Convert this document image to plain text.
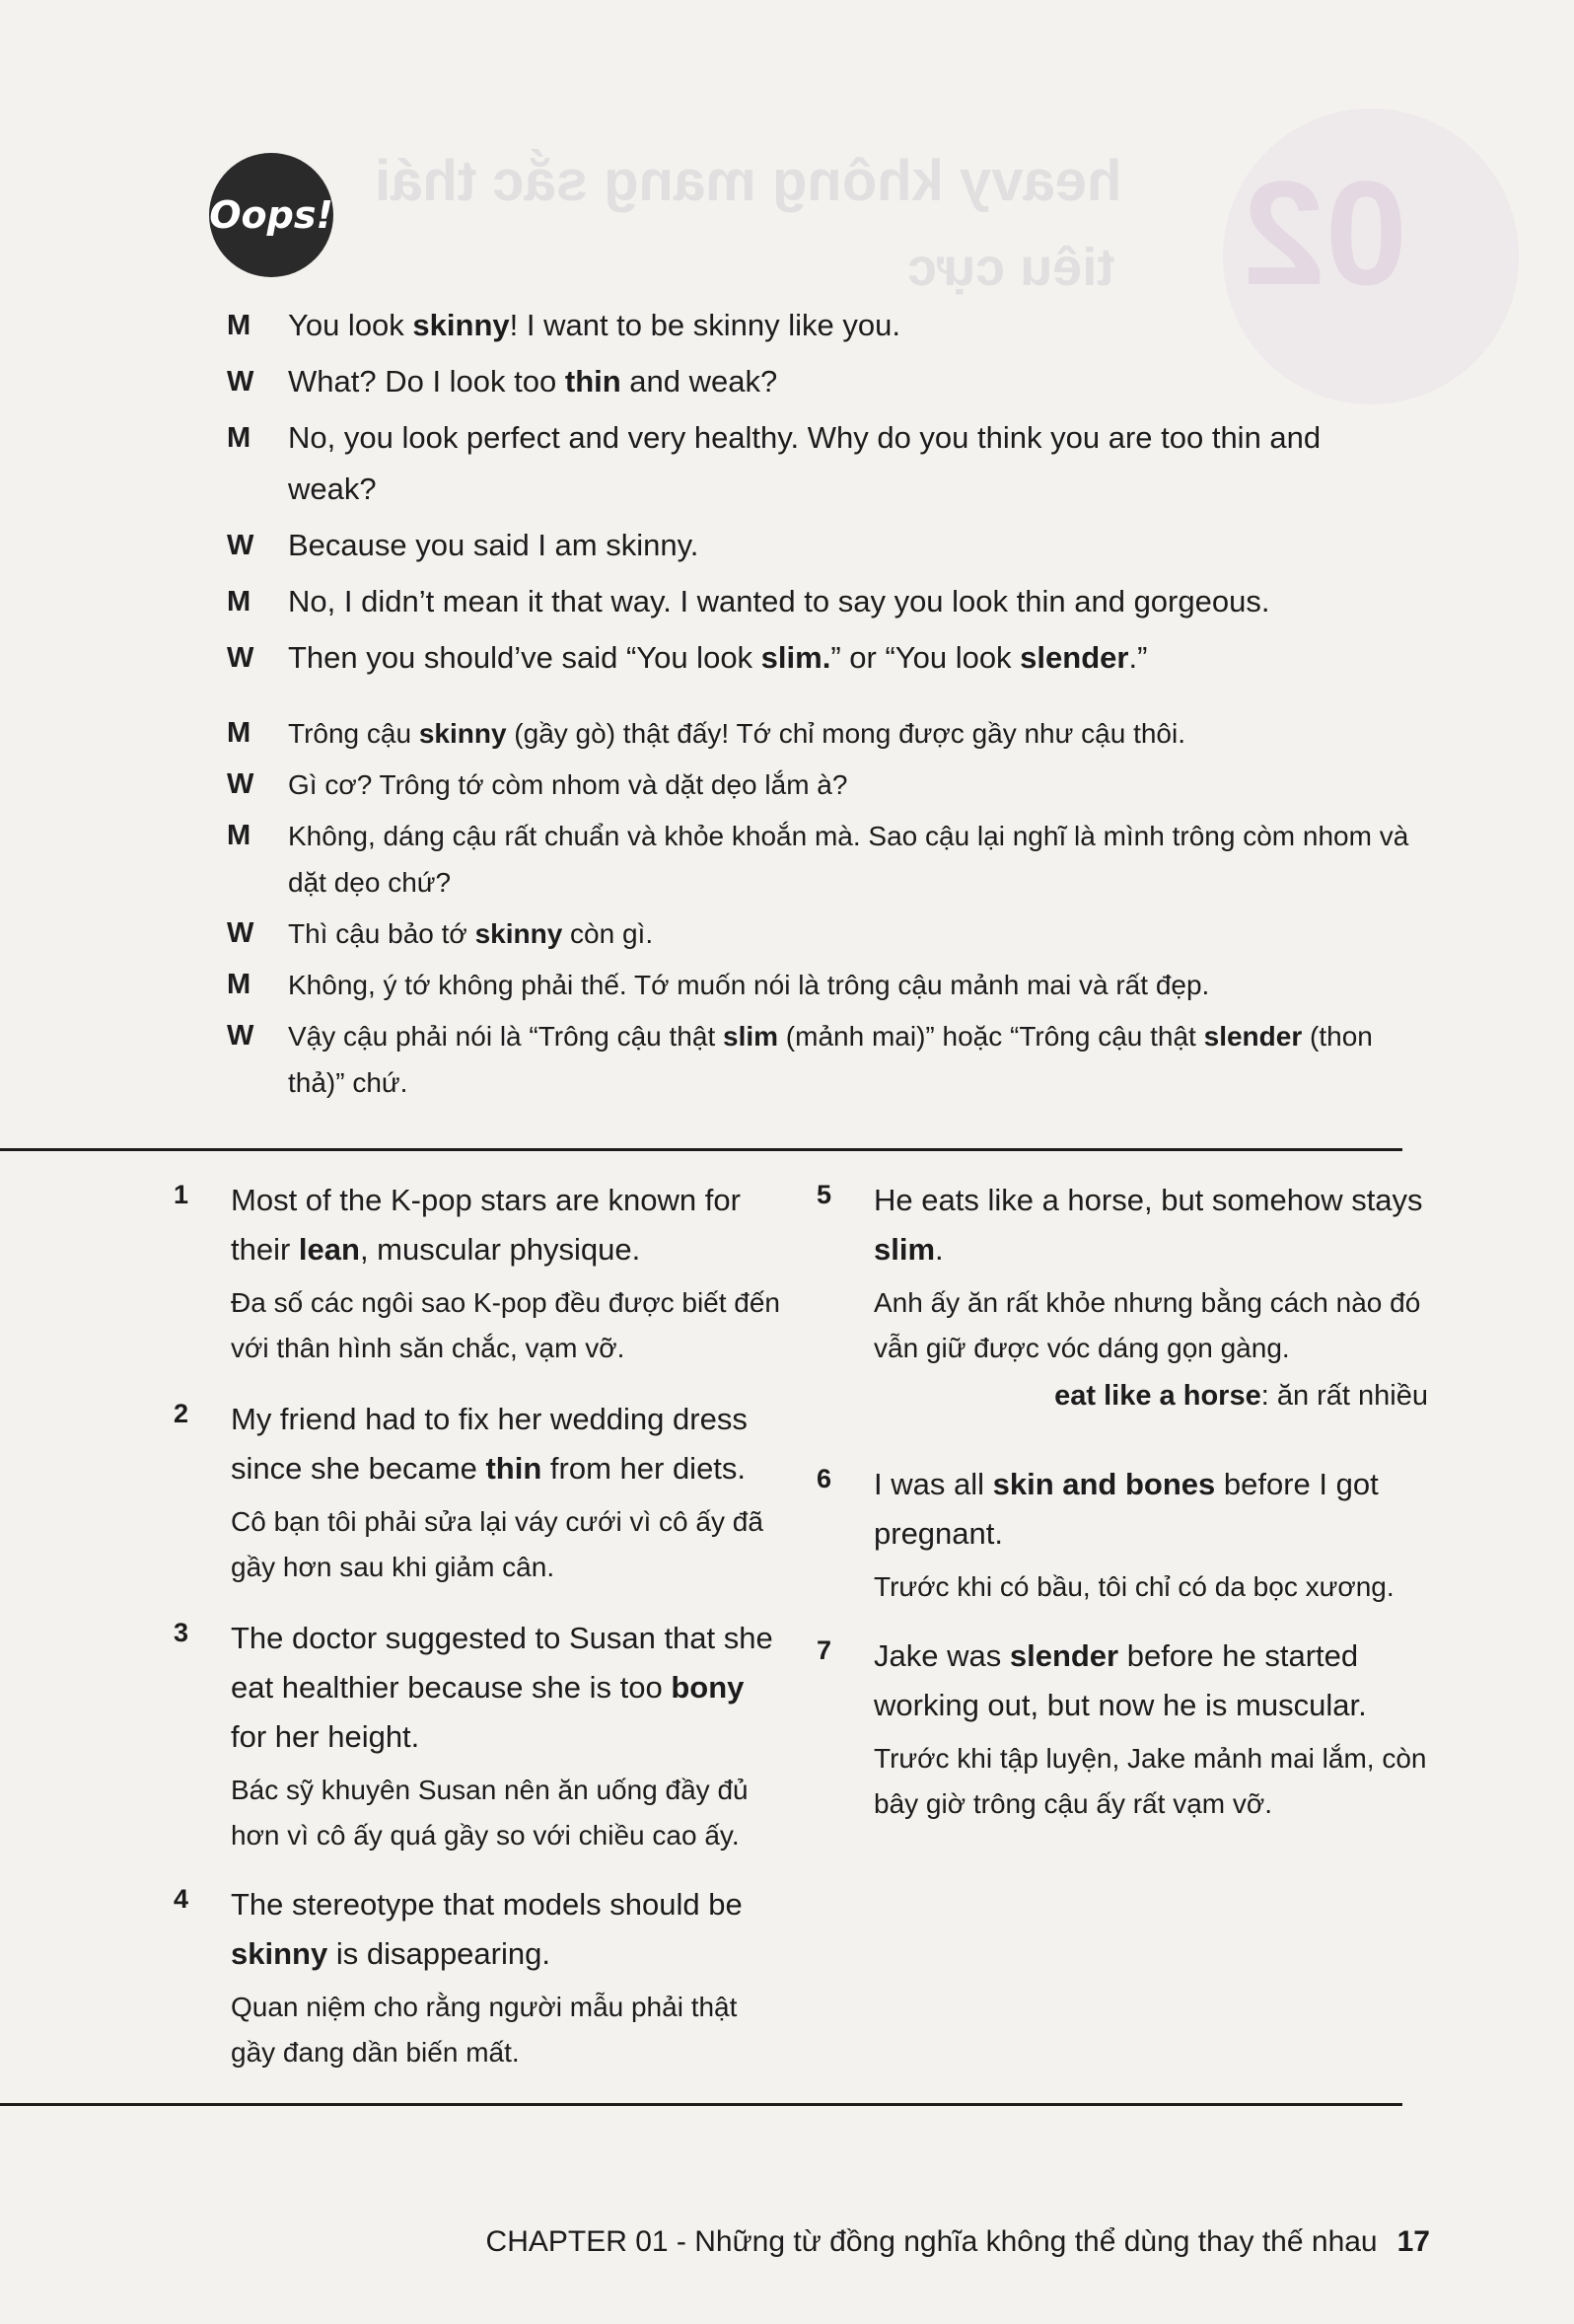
heavy không mang sắc thái
tiêu cực 02
Oops!
M	You look skinny! I want to be skinny like you.
W	What? Do I look too thin and weak?
M	No, you look perfect and very healthy. Why do you think you are too thin and weak?
W	Because you said I am skinny.
M	No, I didn’t mean it that way. I wanted to say you look thin and gorgeous.
W	Then you should’ve said “You look slim.” or “You look slender.”
M	Trông cậu skinny (gầy gò) thật đấy! Tớ chỉ mong được gầy như cậu thôi.
W	Gì cơ? Trông tớ còm nhom và dặt dẹo lắm à?
M	Không, dáng cậu rất chuẩn và khỏe khoắn mà. Sao cậu lại nghĩ là mình trông còm nhom và dặt dẹo chứ?
W	Thì cậu bảo tớ skinny còn gì.
M	Không, ý tớ không phải thế. Tớ muốn nói là trông cậu mảnh mai và rất đẹp.
W	Vậy cậu phải nói là “Trông cậu thật slim (mảnh mai)” hoặc “Trông cậu thật slender (thon thả)” chứ.
1 Most of the K-pop stars are known for their lean, muscular physique.
Đa số các ngôi sao K-pop đều được biết đến với thân hình săn chắc, vạm vỡ.
2 My friend had to fix her wedding dress since she became thin from her diets.
Cô bạn tôi phải sửa lại váy cưới vì cô ấy đã gầy hơn sau khi giảm cân.
3 The doctor suggested to Susan that she eat healthier because she is too bony for her height.
Bác sỹ khuyên Susan nên ăn uống đầy đủ hơn vì cô ấy quá gầy so với chiều cao ấy.
4 The stereotype that models should be skinny is disappearing.
Quan niệm cho rằng người mẫu phải thật gầy đang dần biến mất.
5 He eats like a horse, but somehow stays slim.
Anh ấy ăn rất khỏe nhưng bằng cách nào đó vẫn giữ được vóc dáng gọn gàng.
eat like a horse: ăn rất nhiều
6 I was all skin and bones before I got pregnant.
Trước khi có bầu, tôi chỉ có da bọc xương.
7 Jake was slender before he started working out, but now he is muscular.
Trước khi tập luyện, Jake mảnh mai lắm, còn bây giờ trông cậu ấy rất vạm vỡ.
CHAPTER 01 - Những từ đồng nghĩa không thể dùng thay thế nhau 17
